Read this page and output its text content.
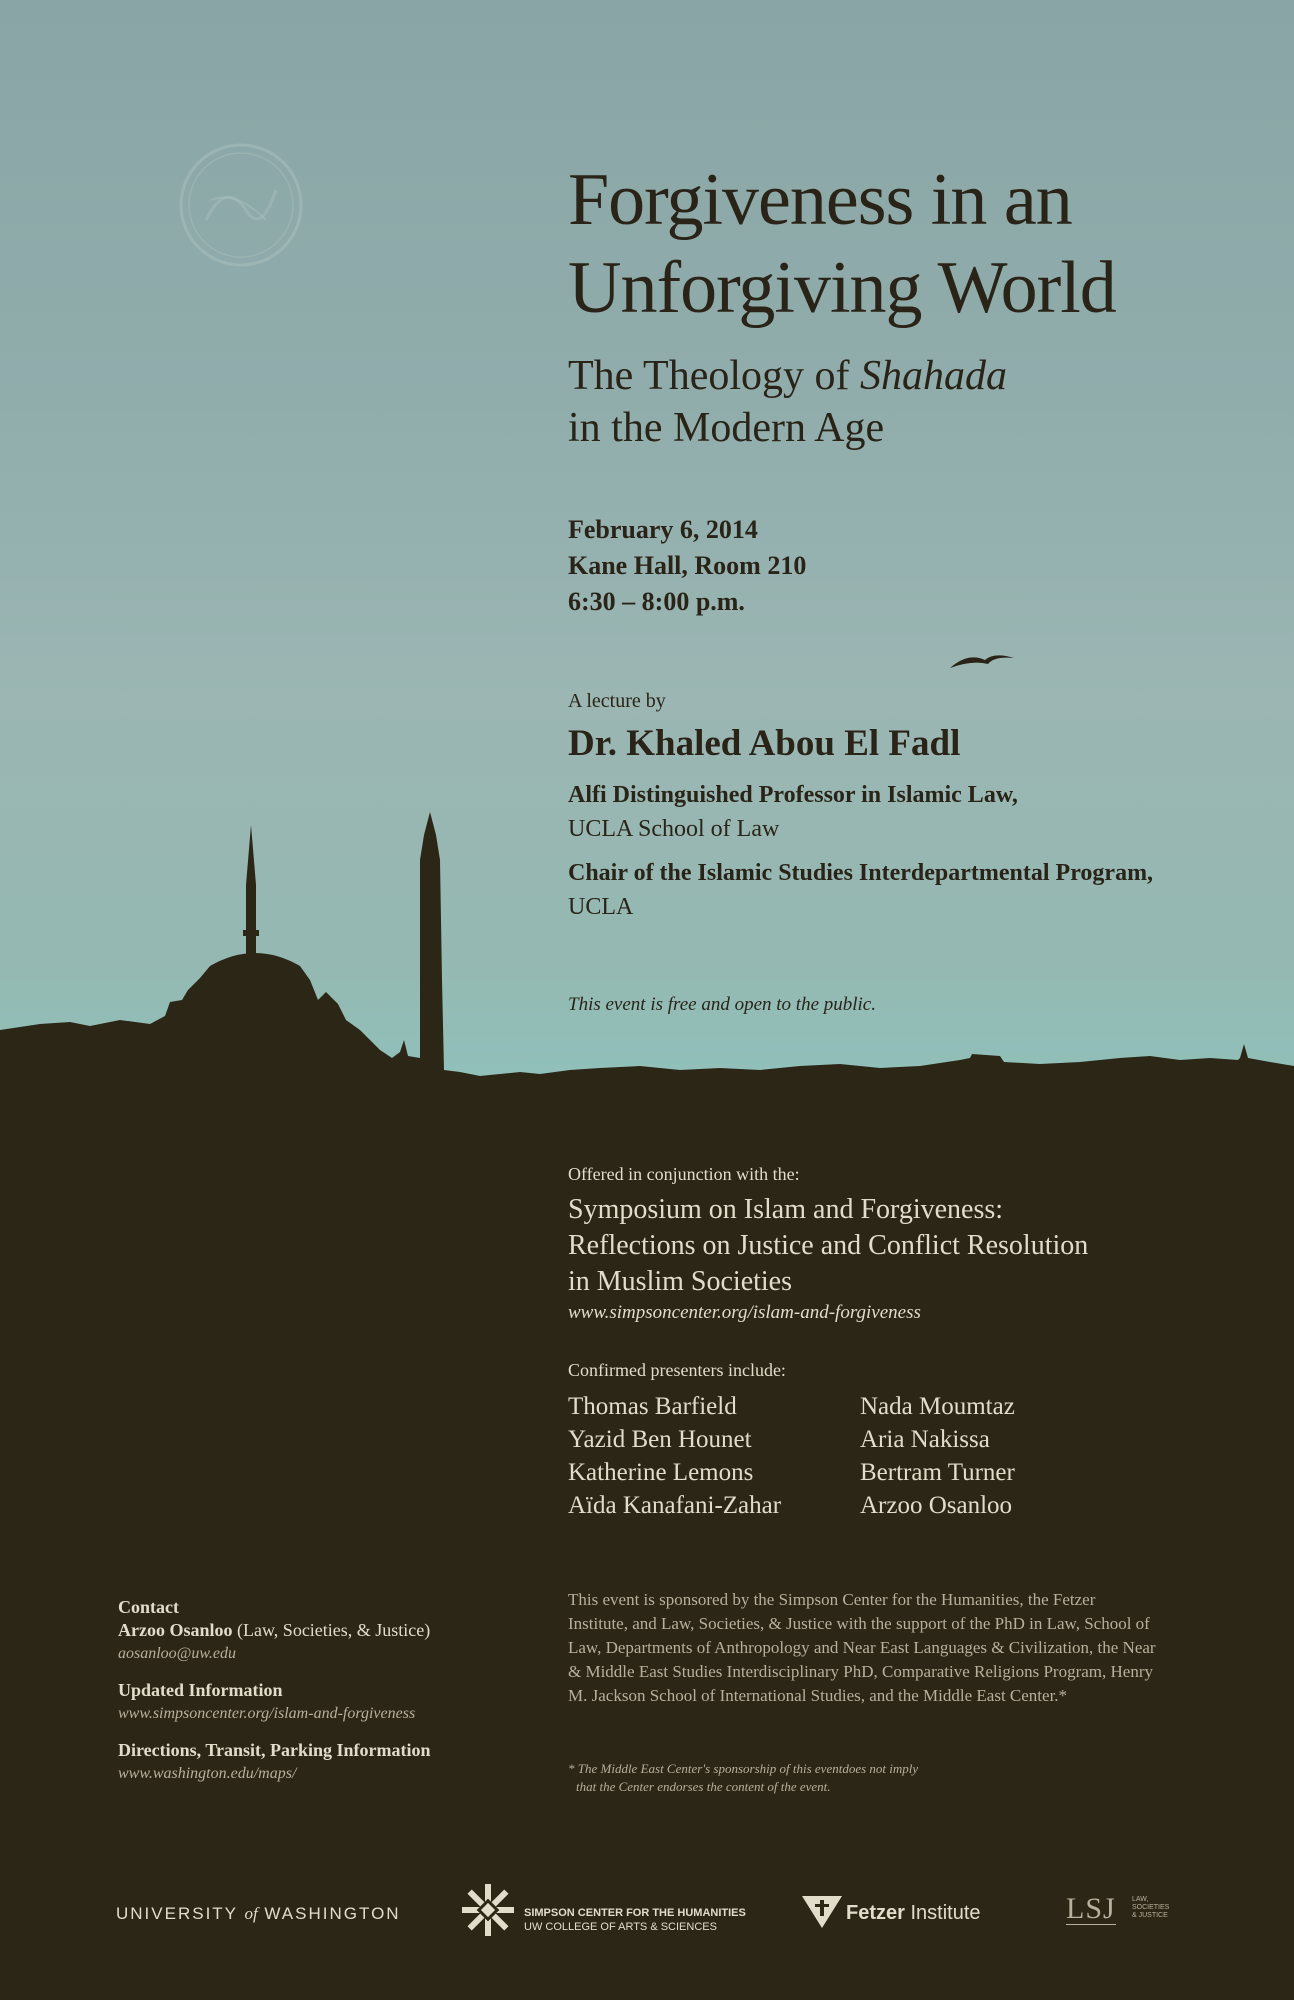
Forgiveness in an
Unforgiving World
The Theology of Shahada
in the Modern Age
February 6, 2014
Kane Hall, Room 210
6:30 – 8:00 p.m.
A lecture by
Dr. Khaled Abou El Fadl
Alfi Distinguished Professor in Islamic Law,
UCLA School of Law
Chair of the Islamic Studies Interdepartmental Program,
UCLA
This event is free and open to the public.
Offered in conjunction with the:
Symposium on Islam and Forgiveness:
Reflections on Justice and Conflict Resolution
in Muslim Societies
www.simpsoncenter.org/islam-and-forgiveness
Confirmed presenters include:
Thomas Barfield
Yazid Ben Hounet
Katherine Lemons
Aïda Kanafani-Zahar
Nada Moumtaz
Aria Nakissa
Bertram Turner
Arzoo Osanloo
Contact
Arzoo Osanloo (Law, Societies, & Justice)
aosanloo@uw.edu
Updated Information
www.simpsoncenter.org/islam-and-forgiveness
Directions, Transit, Parking Information
www.washington.edu/maps/
This event is sponsored by the Simpson Center for the Humanities, the Fetzer Institute, and Law, Societies, & Justice with the support of the PhD in Law, School of Law, Departments of Anthropology and Near East Languages & Civilization, the Near & Middle East Studies Interdisciplinary PhD, Comparative Religions Program, Henry M. Jackson School of International Studies, and the Middle East Center.*
* The Middle East Center's sponsorship of this eventdoes not imply
that the Center endorses the content of the event.
UNIVERSITY of WASHINGTON	SIMPSON CENTER FOR THE HUMANITIES
UW COLLEGE OF ARTS & SCIENCES
Fetzer Institute	LSJ LAW,
SOCIETIES
& JUSTICE
